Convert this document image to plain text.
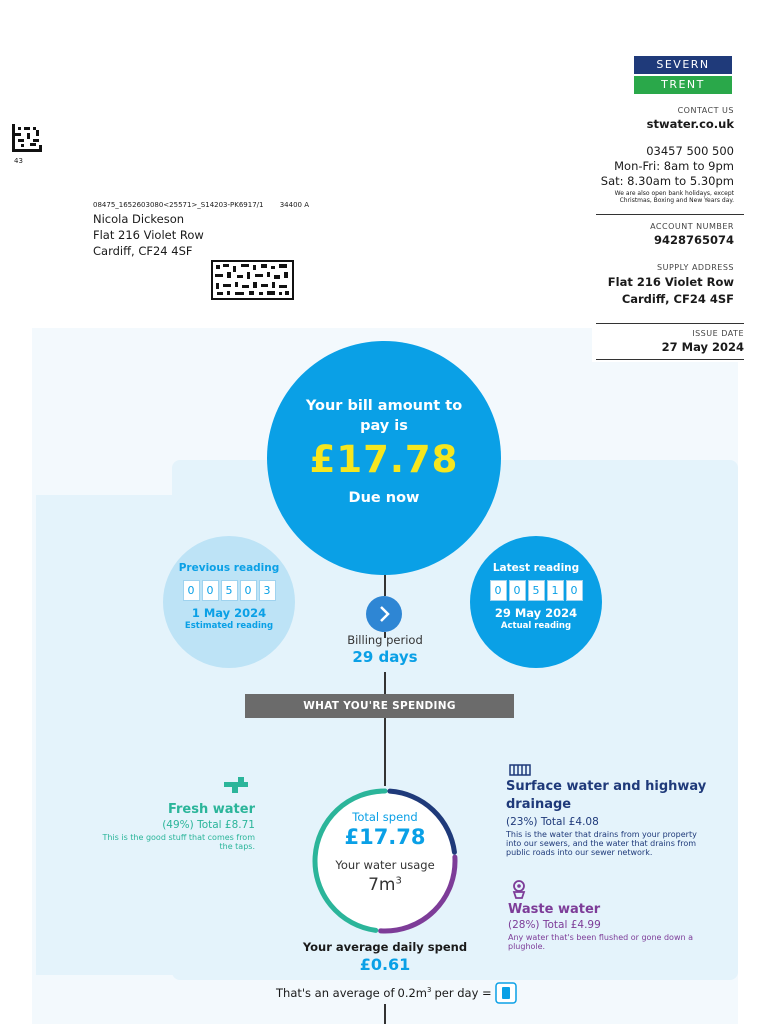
SEVERN
TRENT
43
08475_1652603080<25571>_S14203-PK6917/1 34400 A
Nicola Dickeson
Flat 216 Violet Row
Cardiff, CF24 4SF
CONTACT US
stwater.co.uk
03457 500 500
Mon-Fri: 8am to 9pm
Sat: 8.30am to 5.30pm
We are also open bank holidays, except
Christmas, Boxing and New Years day.
ACCOUNT NUMBER
9428765074
SUPPLY ADDRESS
Flat 216 Violet Row
Cardiff, CF24 4SF
ISSUE DATE
27 May 2024
Your bill amount to
pay is
£17.78
Due now
Previous reading
0	0	5	0	3
1 May 2024
Estimated reading
Latest reading
0	0	5	1	0
29 May 2024
Actual reading
Billing period
29 days
WHAT YOU'RE SPENDING
Fresh water
(49%) Total £8.71
This is the good stuff that comes from
the taps.
Surface water and highway
drainage
(23%) Total £4.08
This is the water that drains from your property
into our sewers, and the water that drains from
public roads into our sewer network.
Waste water
(28%) Total £4.99
Any water that's been flushed or gone down a
plughole.
Total spend
£17.78
Your water usage
$7m^3$
Your average daily spend
£0.61
That's an average of $0.2m^3$ per day =
